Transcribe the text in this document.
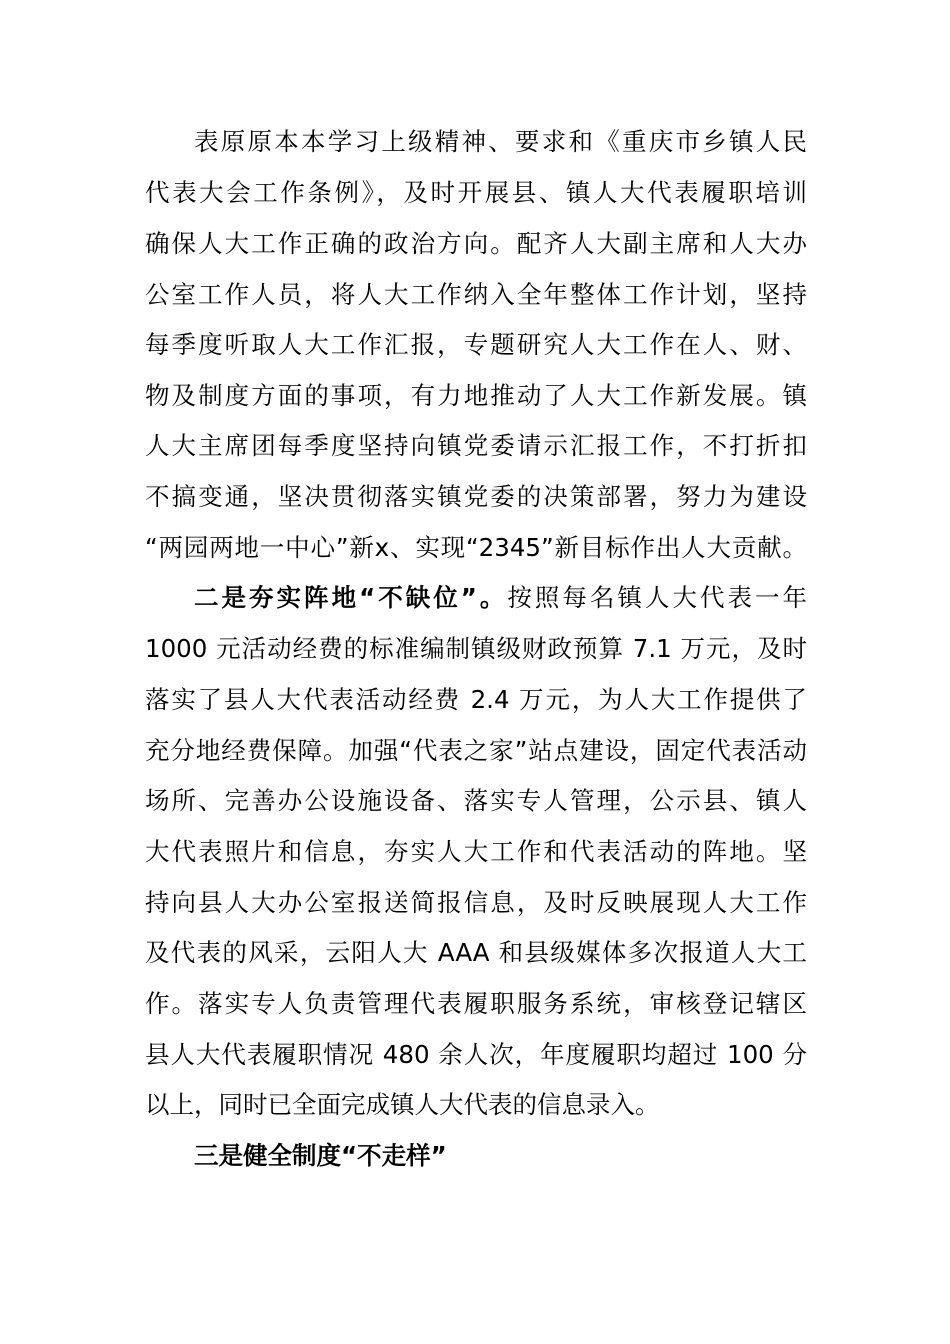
表原原本本学习上级精神、要求和《重庆市乡镇人民
代表大会工作条例》，及时开展县、镇人大代表履职培训
确保人大工作正确的政治方向。配齐人大副主席和人大办
公室工作人员，将人大工作纳入全年整体工作计划，坚持
每季度听取人大工作汇报，专题研究人大工作在人、财、
物及制度方面的事项，有力地推动了人大工作新发展。镇
人大主席团每季度坚持向镇党委请示汇报工作，不打折扣
不搞变通，坚决贯彻落实镇党委的决策部署，努力为建设
“两园两地一中心”新x、实现“2345”新目标作出人大贡献。
二是夯实阵地“不缺位”。按照每名镇人大代表一年
1000 元活动经费的标准编制镇级财政预算 7.1 万元，及时
落实了县人大代表活动经费 2.4 万元，为人大工作提供了
充分地经费保障。加强“代表之家”站点建设，固定代表活动
场所、完善办公设施设备、落实专人管理，公示县、镇人
大代表照片和信息，夯实人大工作和代表活动的阵地。坚
持向县人大办公室报送简报信息，及时反映展现人大工作
及代表的风采，云阳人大 AAA 和县级媒体多次报道人大工
作。落实专人负责管理代表履职服务系统，审核登记辖区
县人大代表履职情况 480 余人次，年度履职均超过 100 分
以上，同时已全面完成镇人大代表的信息录入。
三是健全制度“不走样”
